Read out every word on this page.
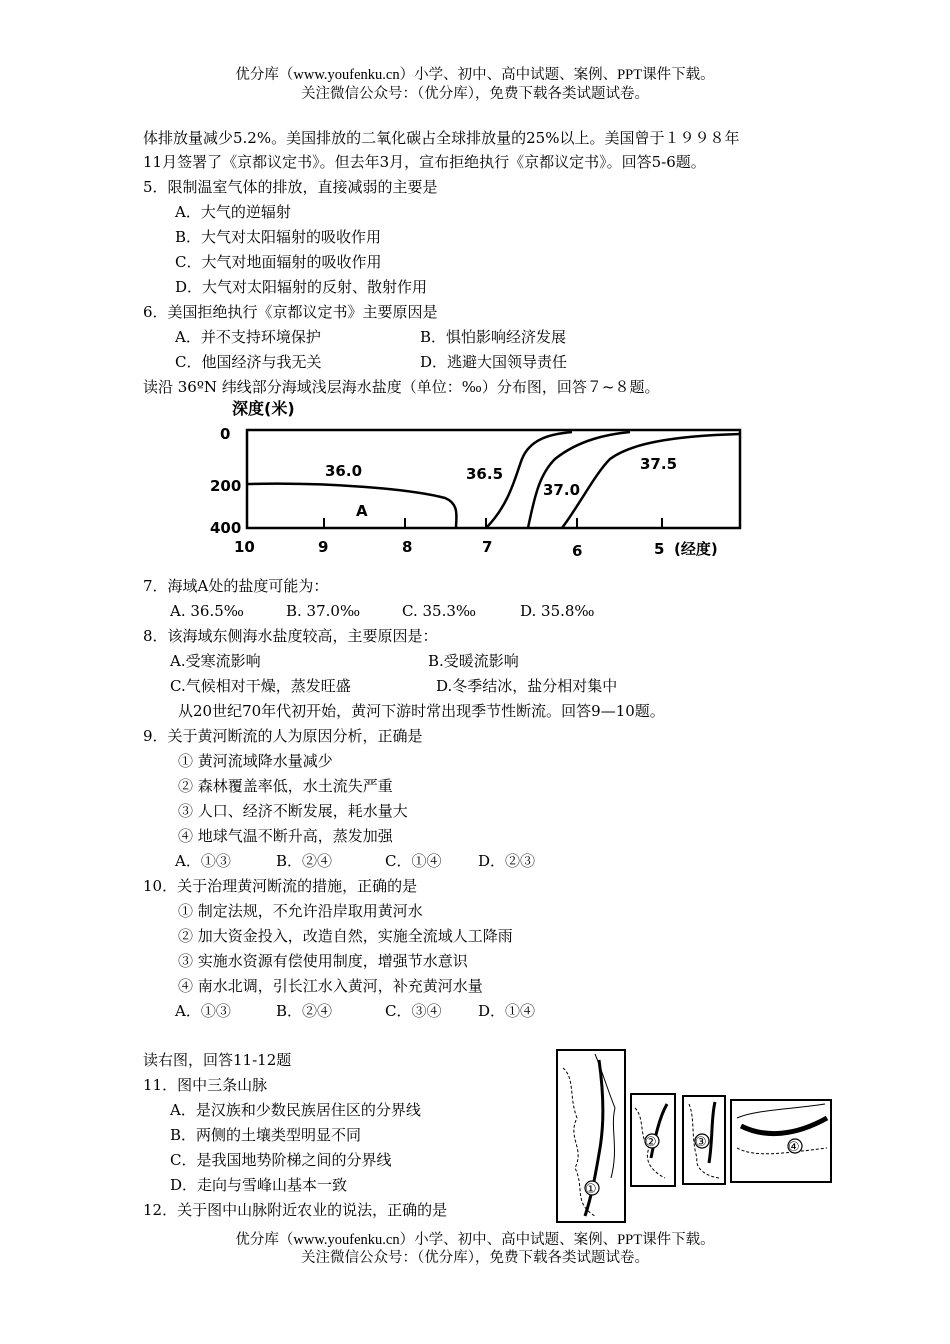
优分库（www.youfenku.cn）小学、初中、高中试题、案例、PPT课件下载。
关注微信公众号：（优分库），免费下载各类试题试卷。
体排放量减少5.2%。美国排放的二氧化碳占全球排放量的25%以上。美国曾于１９９８年
11月签署了《京都议定书》。但去年3月，宣布拒绝执行《京都议定书》。回答5-6题。
5．限制温室气体的排放，直接减弱的主要是
A．大气的逆辐射
B．大气对太阳辐射的吸收作用
C．大气对地面辐射的吸收作用
D．大气对太阳辐射的反射、散射作用
6．美国拒绝执行《京都议定书》主要原因是
A．并不支持环境保护	B．惧怕影响经济发展
C．他国经济与我无关	D．逃避大国领导责任
读沿 36ºN 纬线部分海域浅层海水盐度（单位：‰）分布图，回答７~８题。
深度(米)
0
200
400
36.0	36.5
37.0
37.5
A
10	9	8	7	6	5 (经度)
7．海域A处的盐度可能为：
A. 36.5‰	B. 37.0‰	C. 35.3‰	D. 35.8‰
8．该海域东侧海水盐度较高，主要原因是：
A.受寒流影响	B.受暖流影响
C.气候相对干燥，蒸发旺盛	D.冬季结冰，盐分相对集中
从20世纪70年代初开始，黄河下游时常出现季节性断流。回答9—10题。
9．关于黄河断流的人为原因分析，正确是
① 黄河流域降水量减少
② 森林覆盖率低，水土流失严重
③ 人口、经济不断发展，耗水量大
④ 地球气温不断升高，蒸发加强
A．①③	B．②④	C．①④ D．②③
10．关于治理黄河断流的措施，正确的是
① 制定法规，不允许沿岸取用黄河水
② 加大资金投入，改造自然，实施全流域人工降雨
③ 实施水资源有偿使用制度，增强节水意识
④ 南水北调，引长江水入黄河，补充黄河水量
A．①③	B．②④	C．③④ D．①④
读右图，回答11-12题
11．图中三条山脉
A．是汉族和少数民族居住区的分界线
B．两侧的土壤类型明显不同
C．是我国地势阶梯之间的分界线
D．走向与雪峰山基本一致
12．关于图中山脉附近农业的说法，正确的是
①
②	③	④
优分库（www.youfenku.cn）小学、初中、高中试题、案例、PPT课件下载。
关注微信公众号：（优分库），免费下载各类试题试卷。
